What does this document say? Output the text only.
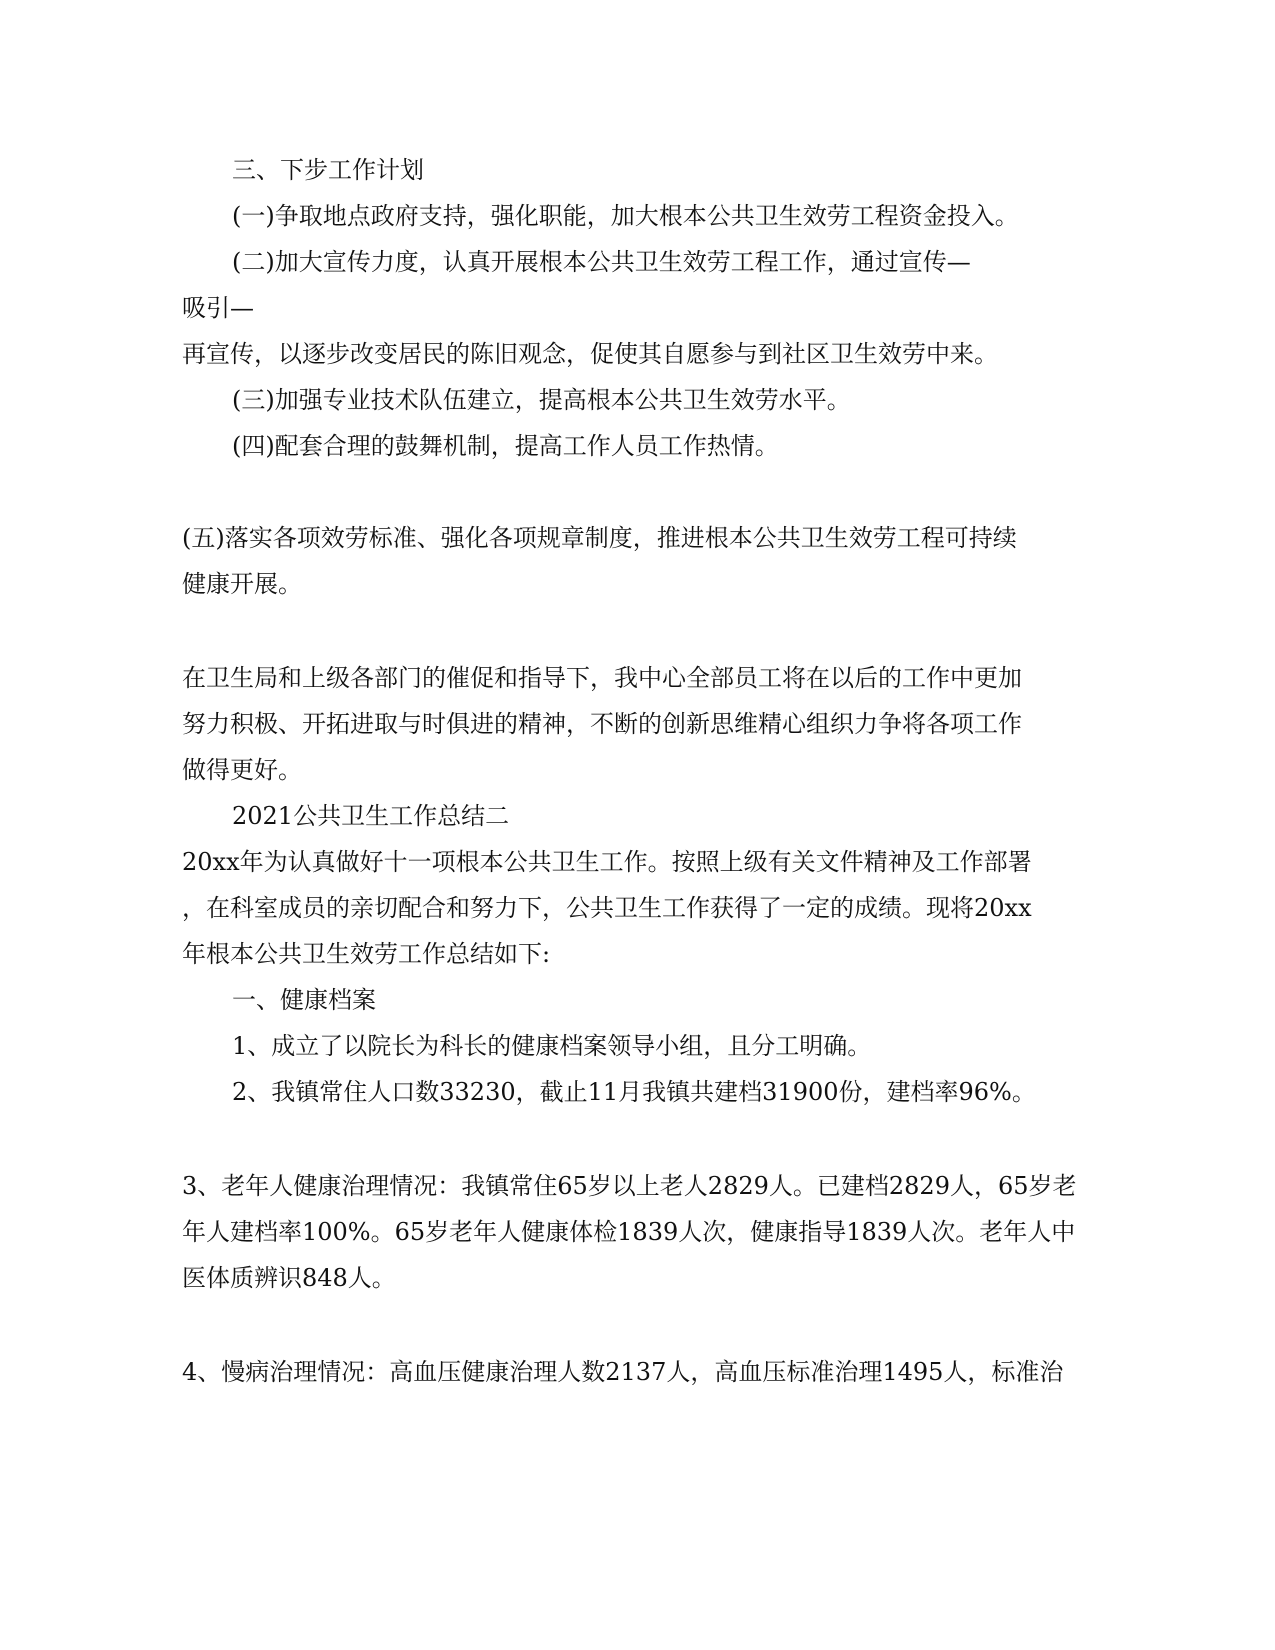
三、下步工作计划
(一)争取地点政府支持，强化职能，加大根本公共卫生效劳工程资金投入。
(二)加大宣传力度，认真开展根本公共卫生效劳工程工作，通过宣传—
吸引—
再宣传，以逐步改变居民的陈旧观念，促使其自愿参与到社区卫生效劳中来。
(三)加强专业技术队伍建立，提高根本公共卫生效劳水平。
(四)配套合理的鼓舞机制，提高工作人员工作热情。
(五)落实各项效劳标准、强化各项规章制度，推进根本公共卫生效劳工程可持续
健康开展。
在卫生局和上级各部门的催促和指导下，我中心全部员工将在以后的工作中更加
努力积极、开拓进取与时俱进的精神，不断的创新思维精心组织力争将各项工作
做得更好。
2021公共卫生工作总结二
20xx年为认真做好十一项根本公共卫生工作。按照上级有关文件精神及工作部署
，在科室成员的亲切配合和努力下，公共卫生工作获得了一定的成绩。现将20xx
年根本公共卫生效劳工作总结如下:
一、健康档案
1、成立了以院长为科长的健康档案领导小组，且分工明确。
2、我镇常住人口数33230，截止11月我镇共建档31900份，建档率96%。
3、老年人健康治理情况：我镇常住65岁以上老人2829人。已建档2829人，65岁老
年人建档率100%。65岁老年人健康体检1839人次，健康指导1839人次。老年人中
医体质辨识848人。
4、慢病治理情况：高血压健康治理人数2137人，高血压标准治理1495人，标准治
